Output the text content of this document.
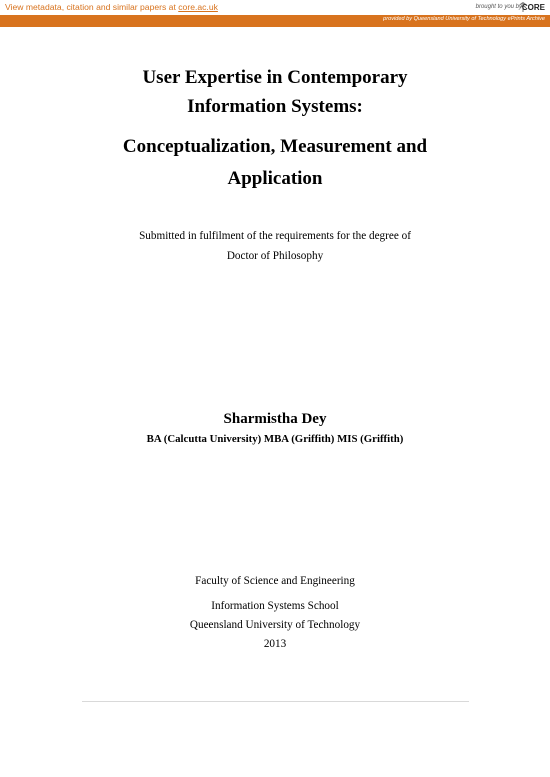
View metadata, citation and similar papers at core.ac.uk	brought to you by CORE
provided by Queensland University of Technology ePrints Archive
User Expertise in Contemporary
Information Systems:
Conceptualization, Measurement and
Application
Submitted in fulfilment of the requirements for the degree of
Doctor of Philosophy
Sharmistha Dey
BA (Calcutta University) MBA (Griffith) MIS (Griffith)
Faculty of Science and Engineering
Information Systems School
Queensland University of Technology
2013
